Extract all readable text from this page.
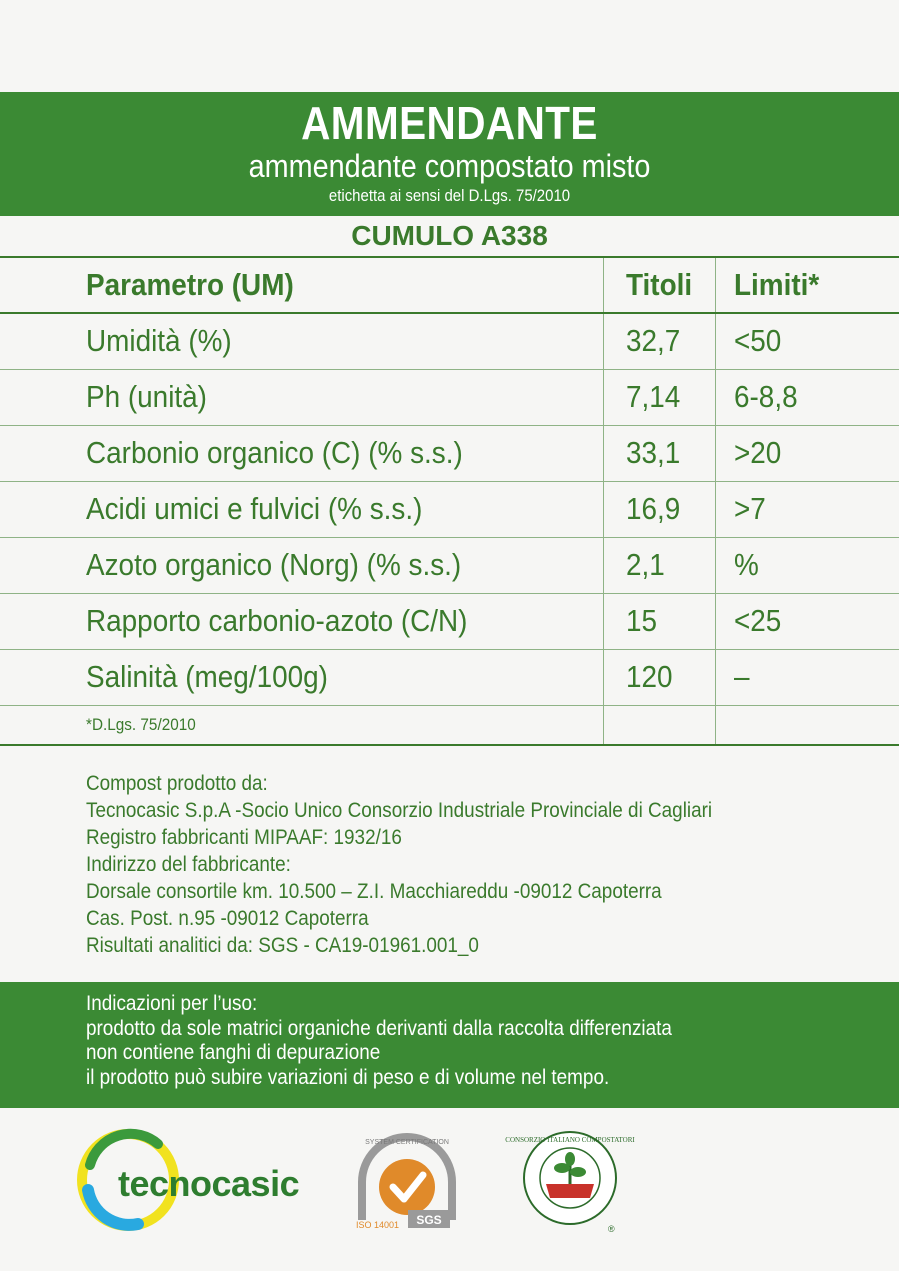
AMMENDANTE
ammendante compostato misto
etichetta ai sensi del D.Lgs. 75/2010
CUMULO A338
Parametro (UM)	Titoli	Limiti*
Umidità (%)	32,7	<50
Ph (unità)	7,14	6-8,8
Carbonio organico (C) (% s.s.)	33,1	>20
Acidi umici e fulvici (% s.s.)	16,9	>7
Azoto organico (Norg) (% s.s.)	2,1	%
Rapporto carbonio-azoto (C/N)	15	<25
Salinità (meg/100g)	120	–
*D.Lgs. 75/2010		
Compost prodotto da:
Tecnocasic S.p.A -Socio Unico Consorzio Industriale Provinciale di Cagliari
Registro fabbricanti MIPAAF: 1932/16
Indirizzo del fabbricante:
Dorsale consortile km. 10.500 – Z.I. Macchiareddu -09012 Capoterra
Cas. Post. n.95 -09012 Capoterra
Risultati analitici da: SGS - CA19-01961.001_0
Indicazioni per l’uso:
prodotto da sole matrici organiche derivanti dalla raccolta differenziata
non contiene fanghi di depurazione
il prodotto può subire variazioni di peso e di volume nel tempo.
tecnocasic
SGS
SYSTEM CERTIFICATION
ISO 14001
CONSORZIO ITALIANO COMPOSTATORI
®
